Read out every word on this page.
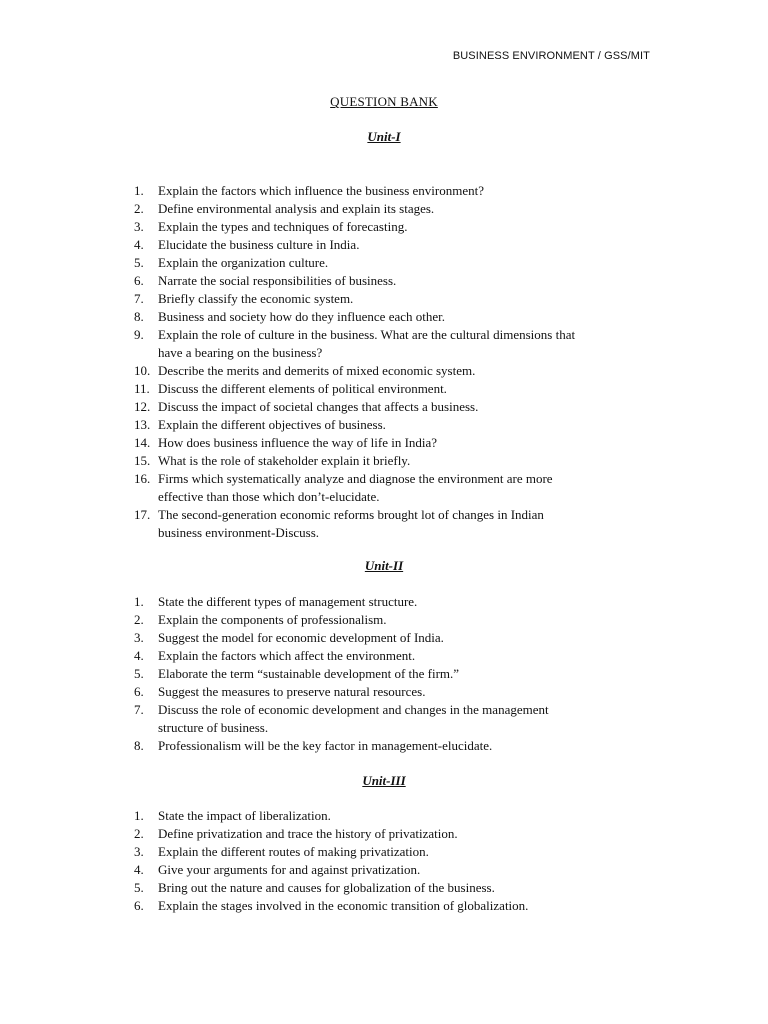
BUSINESS ENVIRONMENT / GSS/MIT
QUESTION BANK
Unit-I
1.	Explain the factors which influence the business environment?
2.	Define environmental analysis and explain its stages.
3.	Explain the types and techniques of forecasting.
4.	Elucidate the business culture in India.
5.	Explain the organization culture.
6.	Narrate the social responsibilities of business.
7.	Briefly classify the economic system.
8.	Business and society how do they influence each other.
9.	Explain the role of culture in the business. What are the cultural dimensions that
have a bearing on the business?
10. Describe the merits and demerits of mixed economic system.
11. Discuss the different elements of political environment.
12. Discuss the impact of societal changes that affects a business.
13. Explain the different objectives of business.
14. How does business influence the way of life in India?
15. What is the role of stakeholder explain it briefly.
16. Firms which systematically analyze and diagnose the environment are more
effective than those which don’t-elucidate.
17. The second-generation economic reforms brought lot of changes in Indian
business environment-Discuss.
Unit-II
1.	State the different types of management structure.
2.	Explain the components of professionalism.
3.	Suggest the model for economic development of India.
4.	Explain the factors which affect the environment.
5.	Elaborate the term “sustainable development of the firm.”
6.	Suggest the measures to preserve natural resources.
7.	Discuss the role of economic development and changes in the management
structure of business.
8.	Professionalism will be the key factor in management-elucidate.
Unit-III
1.	State the impact of liberalization.
2.	Define privatization and trace the history of privatization.
3.	Explain the different routes of making privatization.
4.	Give your arguments for and against privatization.
5.	Bring out the nature and causes for globalization of the business.
6.	Explain the stages involved in the economic transition of globalization.
